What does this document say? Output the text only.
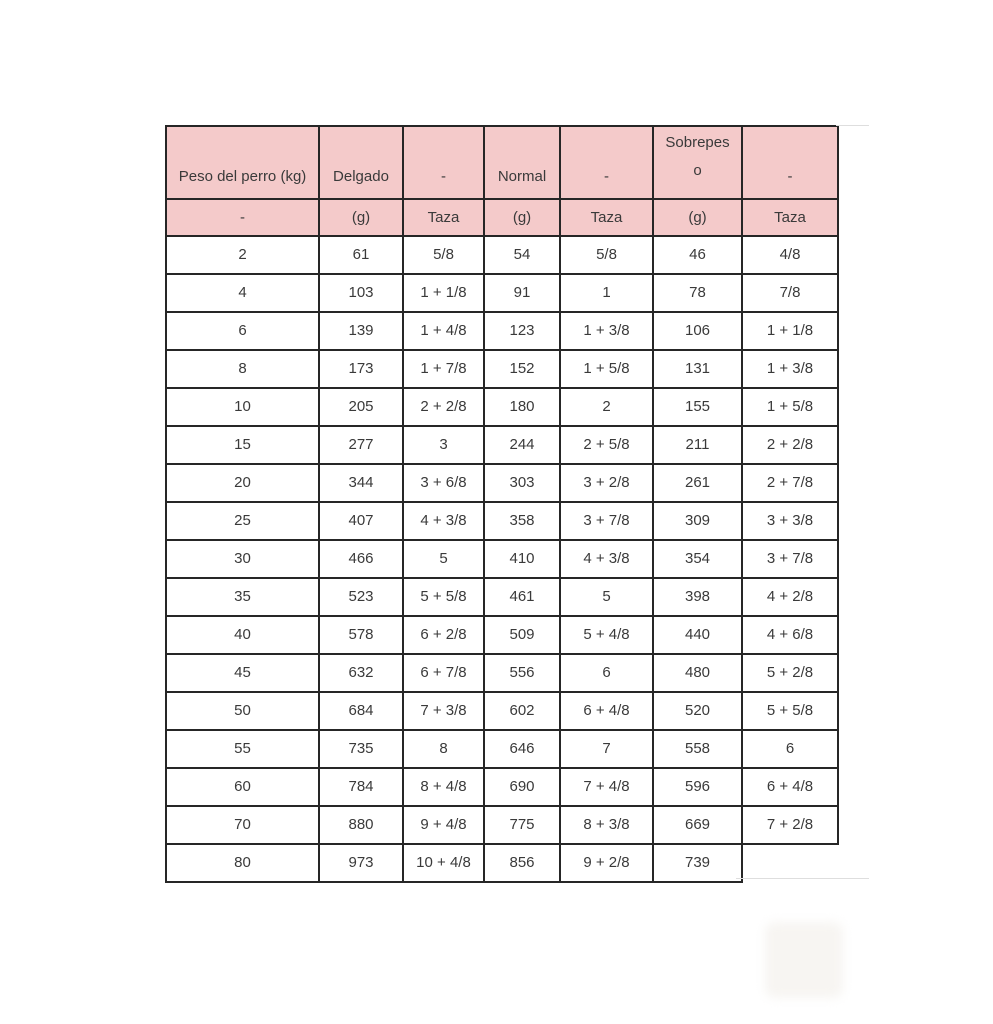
Peso del perro (kg)	Delgado	-	Normal	-	Sobrepeso	-
-	(g)	Taza	(g)	Taza	(g)	Taza
2	61	5/8	54	5/8	46	4/8
4	103	1 + 1/8	91	1	78	7/8
6	139	1 + 4/8	123	1 + 3/8	106	1 + 1/8
8	173	1 + 7/8	152	1 + 5/8	131	1 + 3/8
10	205	2 + 2/8	180	2	155	1 + 5/8
15	277	3	244	2 + 5/8	211	2 + 2/8
20	344	3 + 6/8	303	3 + 2/8	261	2 + 7/8
25	407	4 + 3/8	358	3 + 7/8	309	3 + 3/8
30	466	5	410	4 + 3/8	354	3 + 7/8
35	523	5 + 5/8	461	5	398	4 + 2/8
40	578	6 + 2/8	509	5 + 4/8	440	4 + 6/8
45	632	6 + 7/8	556	6	480	5 + 2/8
50	684	7 + 3/8	602	6 + 4/8	520	5 + 5/8
55	735	8	646	7	558	6
60	784	8 + 4/8	690	7 + 4/8	596	6 + 4/8
70	880	9 + 4/8	775	8 + 3/8	669	7 + 2/8
80	973	10 + 4/8	856	9 + 2/8	739	
